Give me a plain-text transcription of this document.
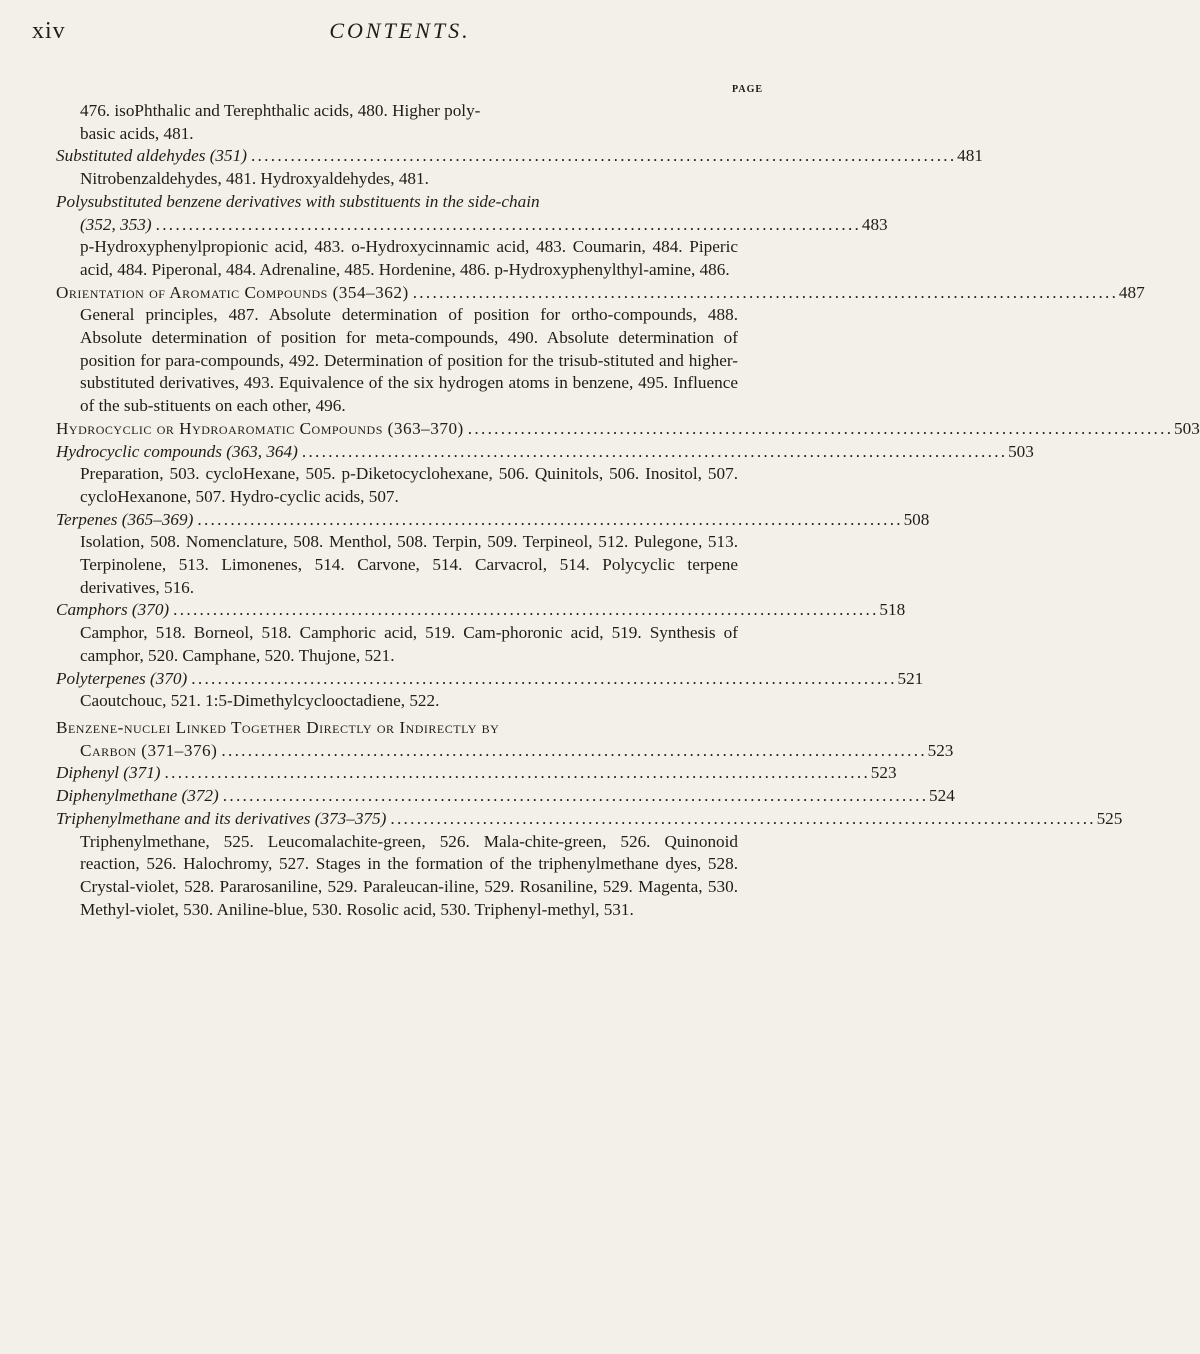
xiv	CONTENTS.
PAGE
476. isoPhthalic and Terephthalic acids, 480. Higher poly-
basic acids, 481.
Substituted aldehydes (351) . . .	481
Nitrobenzaldehydes, 481. Hydroxyaldehydes, 481.
Polysubstituted benzene derivatives with substituents in the side-chain
(352, 353) . . .	483
p-Hydroxyphenylpropionic acid, 483. o-Hydroxycinnamic acid, 483. Coumarin, 484. Piperic acid, 484. Piperonal, 484. Adrenaline, 485. Hordenine, 486. p-Hydroxyphenylthyl-amine, 486.
Orientation of Aromatic Compounds (354–362) . . .	487
General principles, 487. Absolute determination of position for ortho-compounds, 488. Absolute determination of position for meta-compounds, 490. Absolute determination of position for para-compounds, 492. Determination of position for the trisub-stituted and higher-substituted derivatives, 493. Equivalence of the six hydrogen atoms in benzene, 495. Influence of the sub-stituents on each other, 496.
Hydrocyclic or Hydroaromatic Compounds (363–370) . . .	503
Hydrocyclic compounds (363, 364) . . .	503
Preparation, 503. cycloHexane, 505. p-Diketocyclohexane, 506. Quinitols, 506. Inositol, 507. cycloHexanone, 507. Hydro-cyclic acids, 507.
Terpenes (365–369) . . .	508
Isolation, 508. Nomenclature, 508. Menthol, 508. Terpin, 509. Terpineol, 512. Pulegone, 513. Terpinolene, 513. Limonenes, 514. Carvone, 514. Carvacrol, 514. Polycyclic terpene derivatives, 516.
Camphors (370) . . .	518
Camphor, 518. Borneol, 518. Camphoric acid, 519. Cam-phoronic acid, 519. Synthesis of camphor, 520. Camphane, 520. Thujone, 521.
Polyterpenes (370) . . .	521
Caoutchouc, 521. 1:5-Dimethylcyclooctadiene, 522.
Benzene-nuclei Linked Together Directly or Indirectly by
Carbon (371–376) . . .	523
Diphenyl (371) . . .	523
Diphenylmethane (372) . . .	524
Triphenylmethane and its derivatives (373–375) . . .	525
Triphenylmethane, 525. Leucomalachite-green, 526. Mala-chite-green, 526. Quinonoid reaction, 526. Halochromy, 527. Stages in the formation of the triphenylmethane dyes, 528. Crystal-violet, 528. Pararosaniline, 529. Paraleucan-iline, 529. Rosaniline, 529. Magenta, 530. Methyl-violet, 530. Aniline-blue, 530. Rosolic acid, 530. Triphenyl-methyl, 531.
